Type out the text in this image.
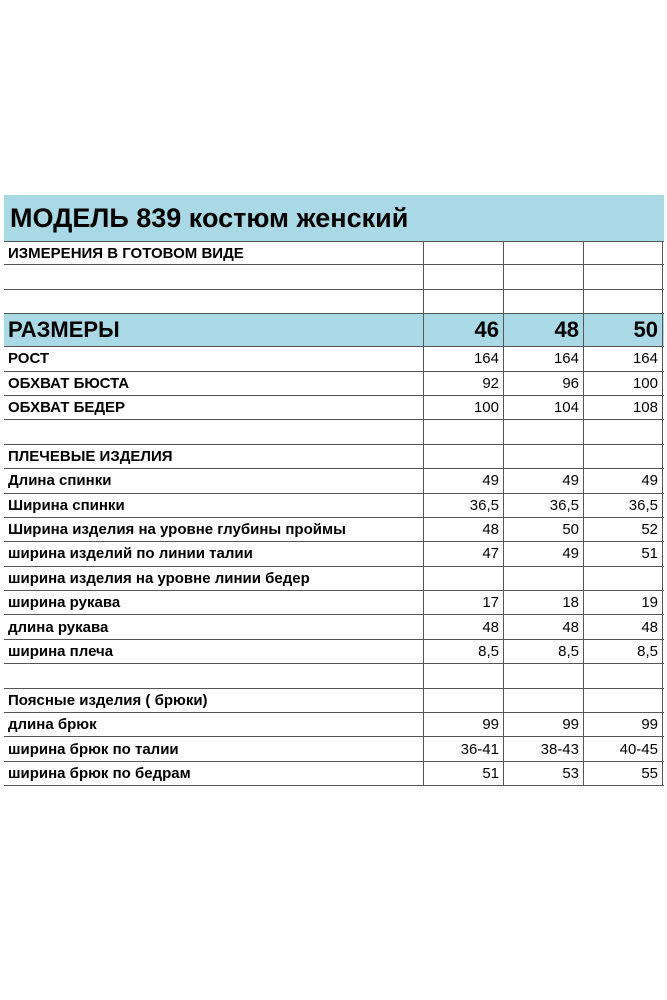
МОДЕЛЬ 839 костюм женский
ИЗМЕРЕНИЯ В ГОТОВОМ ВИДЕ
РАЗМЕРЫ	46	48	50
РОСТ	164	164	164
ОБХВАТ БЮСТА	92	96	100
ОБХВАТ БЕДЕР	100	104	108
ПЛЕЧЕВЫЕ ИЗДЕЛИЯ
Длина спинки	49	49	49
Ширина спинки	36,5	36,5	36,5
Ширина изделия на уровне глубины проймы	48	50	52
ширина изделий по линии талии	47	49	51
ширина изделия на уровне линии бедер
ширина рукава	17	18	19
длина рукава	48	48	48
ширина плеча	8,5	8,5	8,5
Поясные изделия ( брюки)
длина брюк	99	99	99
ширина брюк по талии	36-41	38-43	40-45
ширина брюк по бедрам	51	53	55
